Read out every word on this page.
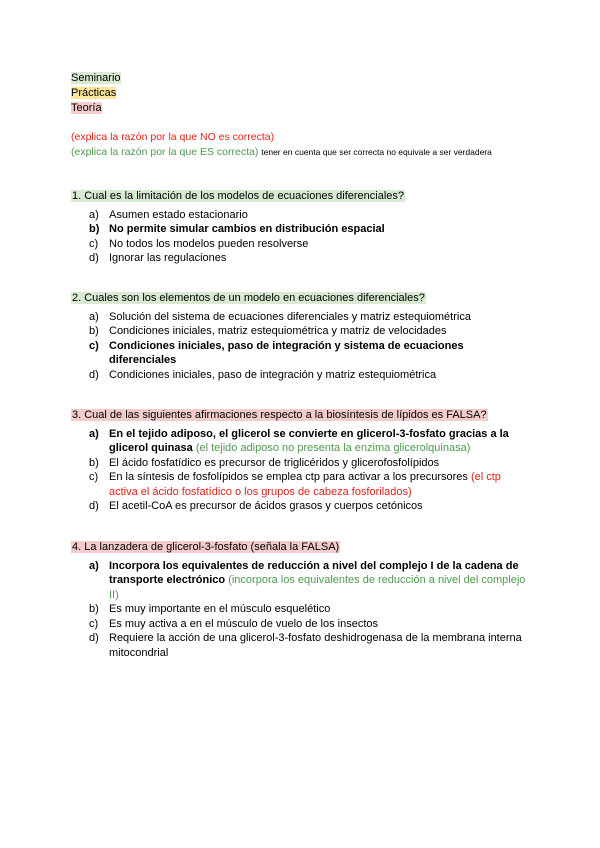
Seminario
Prácticas
Teoría
(explica la razón por la que NO es correcta)
(explica la razón por la que ES correcta) tener en cuenta que ser correcta no equivale a ser verdadera
1. Cual es la limitación de los modelos de ecuaciones diferenciales?
a) Asumen estado estacionario
b) No permite simular cambios en distribución espacial
c) No todos los modelos pueden resolverse
d) Ignorar las regulaciones
2. Cuales son los elementos de un modelo en ecuaciones diferenciales?
a) Solución del sistema de ecuaciones diferenciales y matriz estequiométrica
b) Condiciones iniciales, matriz estequiométrica y matriz de velocidades
c) Condiciones iniciales, paso de integración y sistema de ecuaciones diferenciales
d) Condiciones iniciales, paso de integración y matriz estequiométrica
3. Cual de las siguientes afirmaciones respecto a la biosíntesis de lípidos es FALSA?
a) En el tejido adiposo, el glicerol se convierte en glicerol-3-fosfato gracias a la glicerol quinasa (el tejido adiposo no presenta la enzima glicerolquinasa)
b) El ácido fosfatídico es precursor de triglicéridos y glicerofosfolípidos
c) En la síntesis de fosfolípidos se emplea ctp para activar a los precursores (el ctp activa el ácido fosfatídico o los grupos de cabeza fosforilados)
d) El acetil-CoA es precursor de ácidos grasos y cuerpos cetónicos
4. La lanzadera de glicerol-3-fosfato (señala la FALSA)
a) Incorpora los equivalentes de reducción a nivel del complejo I de la cadena de transporte electrónico (incorpora los equivalentes de reducción a nivel del complejo II)
b) Es muy importante en el músculo esquelético
c) Es muy activa a en el músculo de vuelo de los insectos
d) Requiere la acción de una glicerol-3-fosfato deshidrogenasa de la membrana interna mitocondrial
